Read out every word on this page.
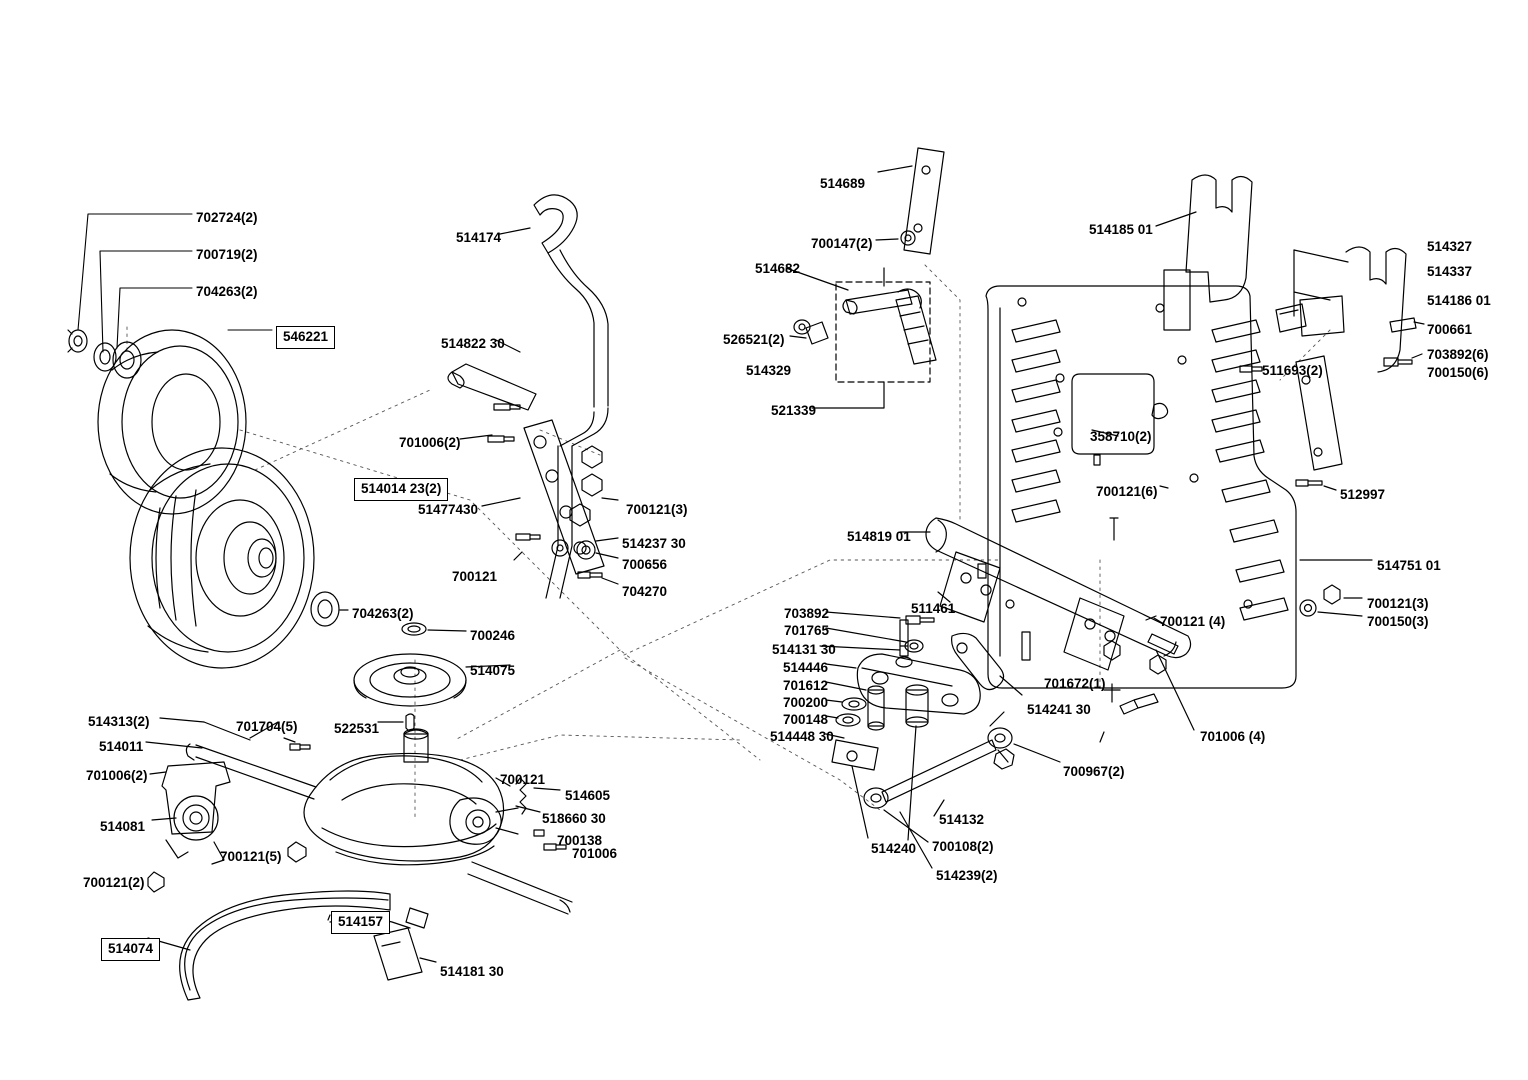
702724(2)
700719(2)
704263(2)
546221
514174
514822 30
701006(2)
514014 23(2)
51477430	700121(3)
514237 30
700656
704270
700121
704263(2)
700246
514075
514313(2)	701704(5)	522531
514011
701006(2)
514081
700121(5)
700121(2)
700121
514605
518660 30
700138
701006
514157
514074
514181 30
514689
700147(2)
514682
526521(2)
514329
521339
514185 01
514327
514337
514186 01
700661
703892(6)
700150(6)
511693(2)
358710(2)
700121(6)	512997
514819 01
514751 01
700121(3)
700150(3)
511461
703892
701765
514131 30
514446
701612
700200
700148
514448 30
700121 (4)
701672(1)
514241 30
701006 (4)
514240
700967(2)
514132
700108(2)
514239(2)
